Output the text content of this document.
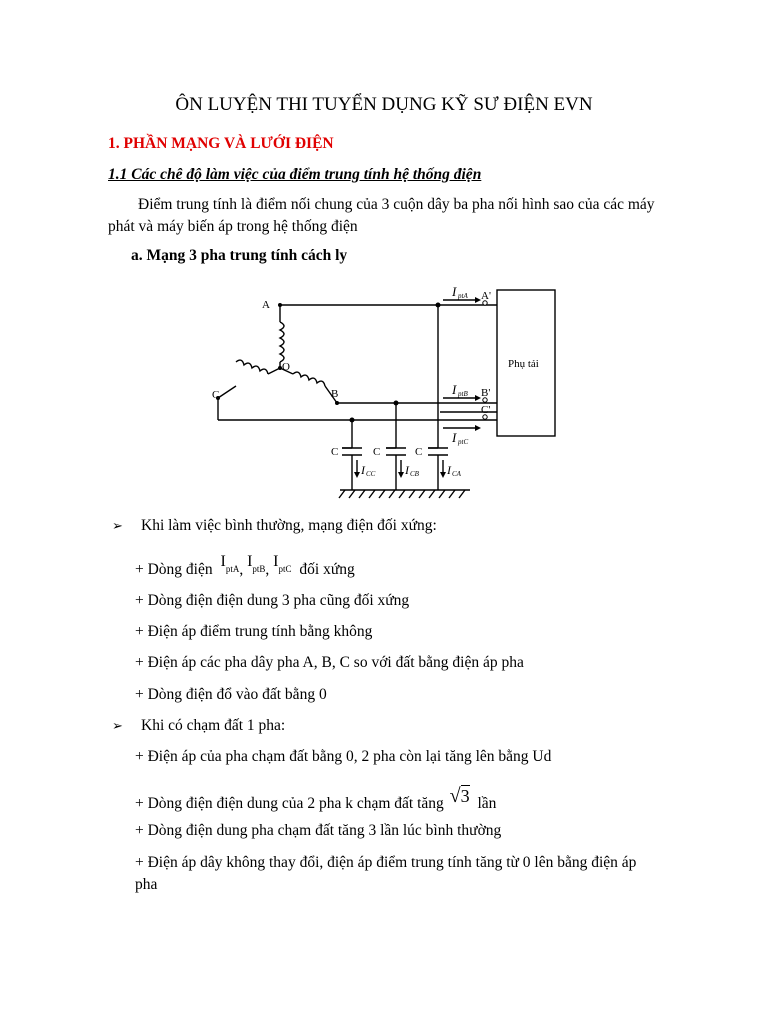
ÔN LUYỆN THI TUYỂN DỤNG KỸ SƯ ĐIỆN EVN
1. PHẦN MẠNG VÀ LƯỚI ĐIỆN
1.1 Các chê độ làm việc của điểm trung tính hệ thống điện
Điểm trung tính là điểm nối chung của 3 cuộn dây ba pha nối hình sao của các máy phát và máy biến áp trong hệ thống điện
a. Mạng 3 pha trung tính cách ly
A
O
B
C
A'
B'
C'
Phụ tải
I ptA
I ptB
I ptC
C	C	C
I CC I CB I CA
➢ Khi làm việc bình thường, mạng điện đối xứng:
+ Dòng điện IptA, IptB, IptC đối xứng
+ Dòng điện điện dung 3 pha cũng đối xứng
+ Điện áp điểm trung tính bằng không
+ Điện áp các pha dây pha A, B, C so với đất bằng điện áp pha
+ Dòng điện đổ vào đất bằng 0
➢ Khi có chạm đất 1 pha:
+ Điện áp của pha chạm đất bằng 0, 2 pha còn lại tăng lên bằng Ud
+ Dòng điện điện dung của 2 pha k chạm đất tăng √3 lần
+ Dòng điện dung pha chạm đất tăng 3 lần lúc bình thường
+ Điện áp dây không thay đổi, điện áp điểm trung tính tăng từ 0 lên bằng điện áp
pha
